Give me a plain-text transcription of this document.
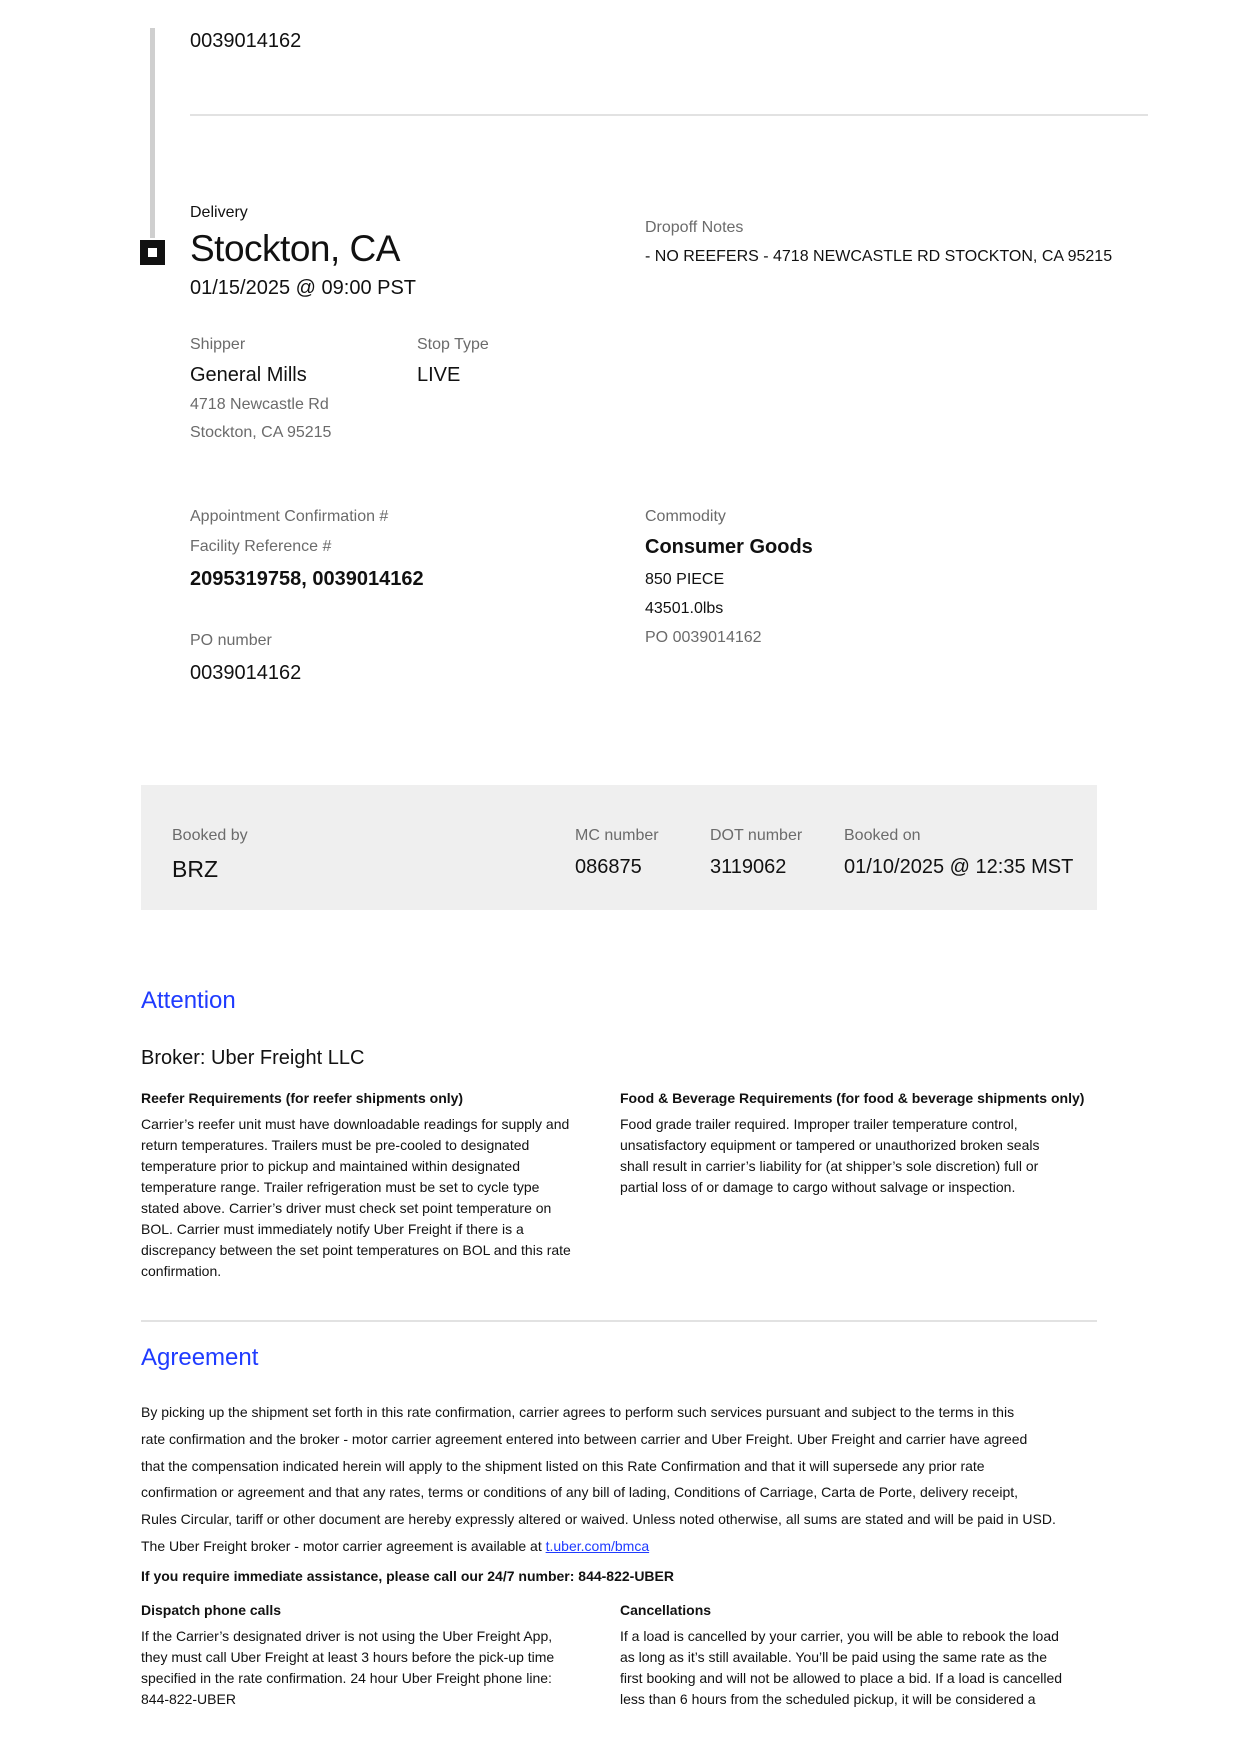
0039014162
Delivery
Stockton, CA
01/15/2025 @ 09:00 PST
Dropoff Notes
- NO REEFERS - 4718 NEWCASTLE RD STOCKTON, CA 95215
Shipper
General Mills
4718 Newcastle Rd
Stockton, CA 95215
Stop Type
LIVE
Appointment Confirmation #
Facility Reference #
2095319758, 0039014162
PO number
0039014162
Commodity
Consumer Goods
850 PIECE
43501.0lbs
PO 0039014162
Booked by
BRZ
MC number
086875
DOT number
3119062
Booked on
01/10/2025 @ 12:35 MST
Attention
Broker: Uber Freight LLC
Reefer Requirements (for reefer shipments only)
Carrier’s reefer unit must have downloadable readings for supply and
return temperatures. Trailers must be pre-cooled to designated
temperature prior to pickup and maintained within designated
temperature range. Trailer refrigeration must be set to cycle type
stated above. Carrier’s driver must check set point temperature on
BOL. Carrier must immediately notify Uber Freight if there is a
discrepancy between the set point temperatures on BOL and this rate
confirmation.
Food & Beverage Requirements (for food & beverage shipments only)
Food grade trailer required. Improper trailer temperature control,
unsatisfactory equipment or tampered or unauthorized broken seals
shall result in carrier’s liability for (at shipper’s sole discretion) full or
partial loss of or damage to cargo without salvage or inspection.
Agreement
By picking up the shipment set forth in this rate confirmation, carrier agrees to perform such services pursuant and subject to the terms in this
rate confirmation and the broker - motor carrier agreement entered into between carrier and Uber Freight. Uber Freight and carrier have agreed
that the compensation indicated herein will apply to the shipment listed on this Rate Confirmation and that it will supersede any prior rate
confirmation or agreement and that any rates, terms or conditions of any bill of lading, Conditions of Carriage, Carta de Porte, delivery receipt,
Rules Circular, tariff or other document are hereby expressly altered or waived. Unless noted otherwise, all sums are stated and will be paid in USD.
The Uber Freight broker - motor carrier agreement is available at t.uber.com/bmca
If you require immediate assistance, please call our 24/7 number: 844-822-UBER
Dispatch phone calls
If the Carrier’s designated driver is not using the Uber Freight App,
they must call Uber Freight at least 3 hours before the pick-up time
specified in the rate confirmation. 24 hour Uber Freight phone line:
844-822-UBER
Cancellations
If a load is cancelled by your carrier, you will be able to rebook the load
as long as it’s still available. You’ll be paid using the same rate as the
first booking and will not be allowed to place a bid. If a load is cancelled
less than 6 hours from the scheduled pickup, it will be considered a
